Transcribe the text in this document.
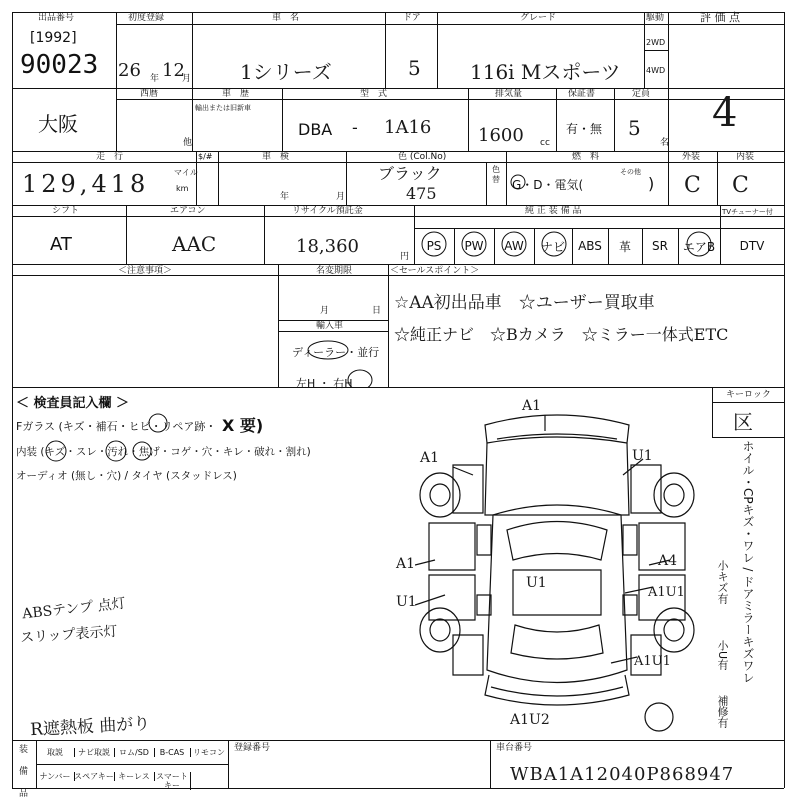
出品番号
[1992]
90023
初度登録
26 年 12
月
車　名
1シリーズ
ドア
5
グレード
116i Mスポーツ
駆動
2WD
4WD
評 価 点
4
大阪
西暦	車　歴
輸出または旧新車
他
型　式
DBA - 1A16
排気量
1600 cc
保証書
有・無
定員
5
名
走　行	$/#
129,418	マイル
km
車　検
年	月
色 (Col.No)
ブラック
475
色替
燃　料
G・D・電気(
その他
)
外装
C
内装
C
シフト
AT
エアコン
AAC
リサイクル預託金
18,360	円
純 正 装 備 品	TVチューナー付
PS	PW	AW	ナビ	ABS	革	SR	エアB	DTV
＜注意事項＞	名変期限
月	日
輸入車
ディーラー・並行
左H ・ 右H
＜セールスポイント＞
☆AA初出品車　☆ユーザー買取車
☆純正ナビ　☆Bカメラ　☆ミラー一体式ETC
＜ 検査員記入欄 ＞
Fガラス (キズ・補石・ヒビ・リペア跡・ X 要)
内装 (キズ・スレ・汚れ・焦げ・コゲ・穴・キレ・破れ・割れ)
オーディオ (無し・穴) / タイヤ (スタッドレス)
ABSテンプ 点灯
スリップ表示灯
R遮熱板 曲がり
キーロック
区
ホイル・CPキズ・ワレ / ドアミラーキズワレ
小キズ有
小U有
補修有
A1
A1	U1
A1
U1
U1
A4
A1U1
A1U1
A1U2
装　備　品	取説	ナビ取説	ロム/SD	B-CAS	リモコン
ナンバー スペアキー キーレス スマートキー
登録番号	車台番号
WBA1A12040P868947
